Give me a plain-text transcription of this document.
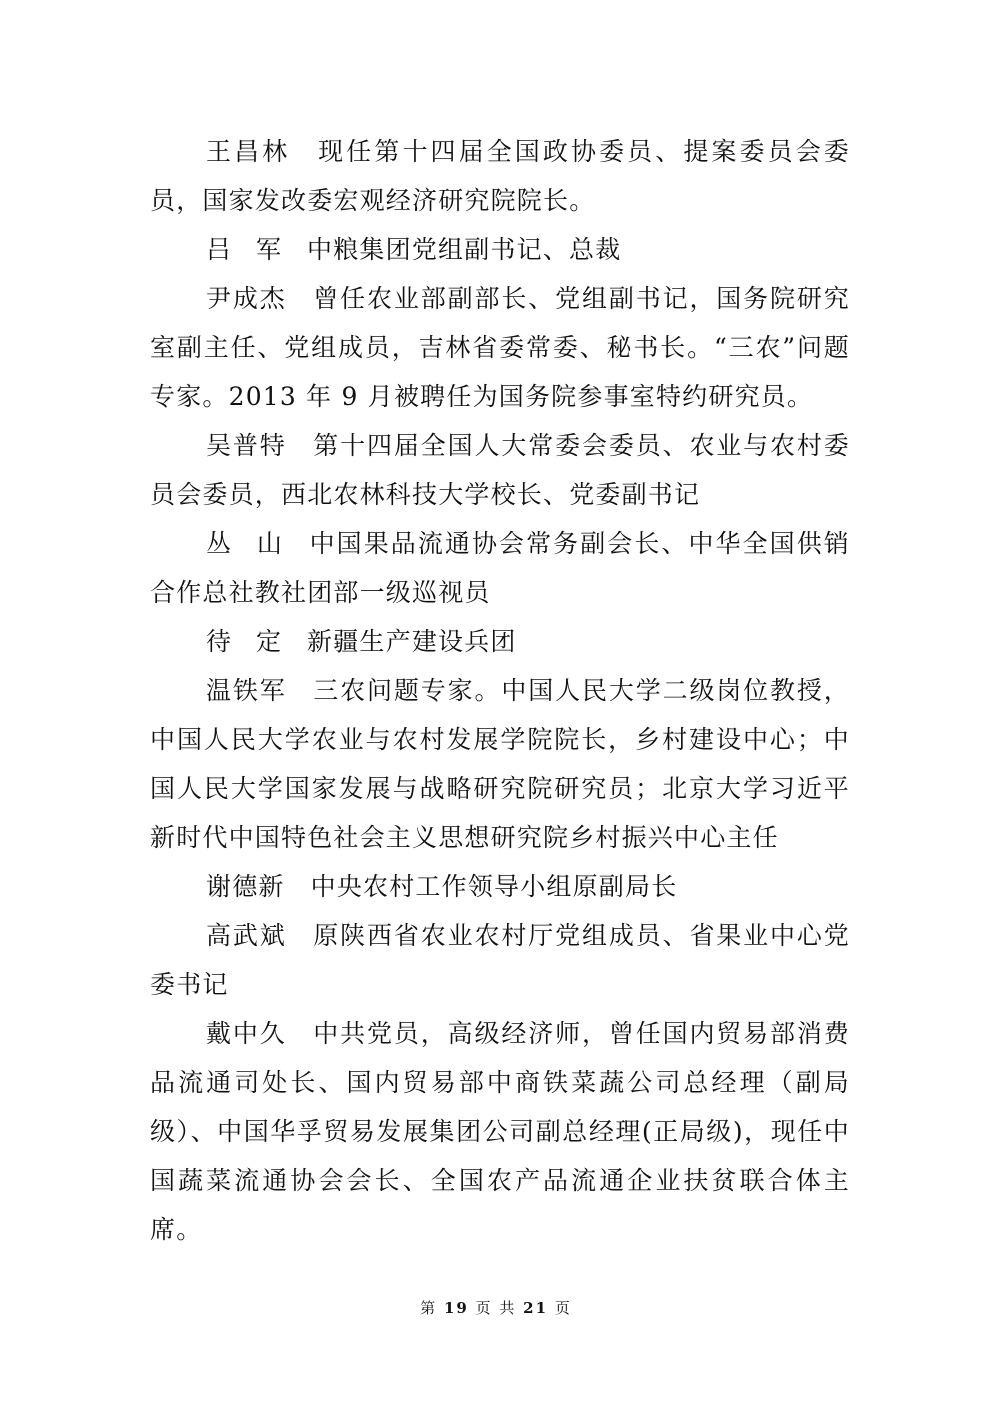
王昌林 现任第十四届全国政协委员、提案委员会委员，国家发改委宏观经济研究院院长。

吕军中粮集团党组副书记、总裁

尹成杰 曾任农业部副部长、党组副书记，国务院研究室副主任、党组成员，吉林省委常委、秘书长。“三农”问题专家。2013 年 9 月被聘任为国务院参事室特约研究员。

吴普特 第十四届全国人大常委会委员、农业与农村委员会委员，西北农林科技大学校长、党委副书记

丛山中国果品流通协会常务副会长、中华全国供销合作总社教社团部一级巡视员

待定新疆生产建设兵团

温铁军 三农问题专家。中国人民大学二级岗位教授，中国人民大学农业与农村发展学院院长，乡村建设中心；中国人民大学国家发展与战略研究院研究员；北京大学习近平新时代中国特色社会主义思想研究院乡村振兴中心主任

谢德新 中央农村工作领导小组原副局长

高武斌 原陕西省农业农村厅党组成员、省果业中心党委书记

戴中久 中共党员，高级经济师，曾任国内贸易部消费品流通司处长、国内贸易部中商铁菜蔬公司总经理（副局级）、中国华孚贸易发展集团公司副总经理(正局级)，现任中国蔬菜流通协会会长、全国农产品流通企业扶贫联合体主席。

第 19 页 共 21 页
